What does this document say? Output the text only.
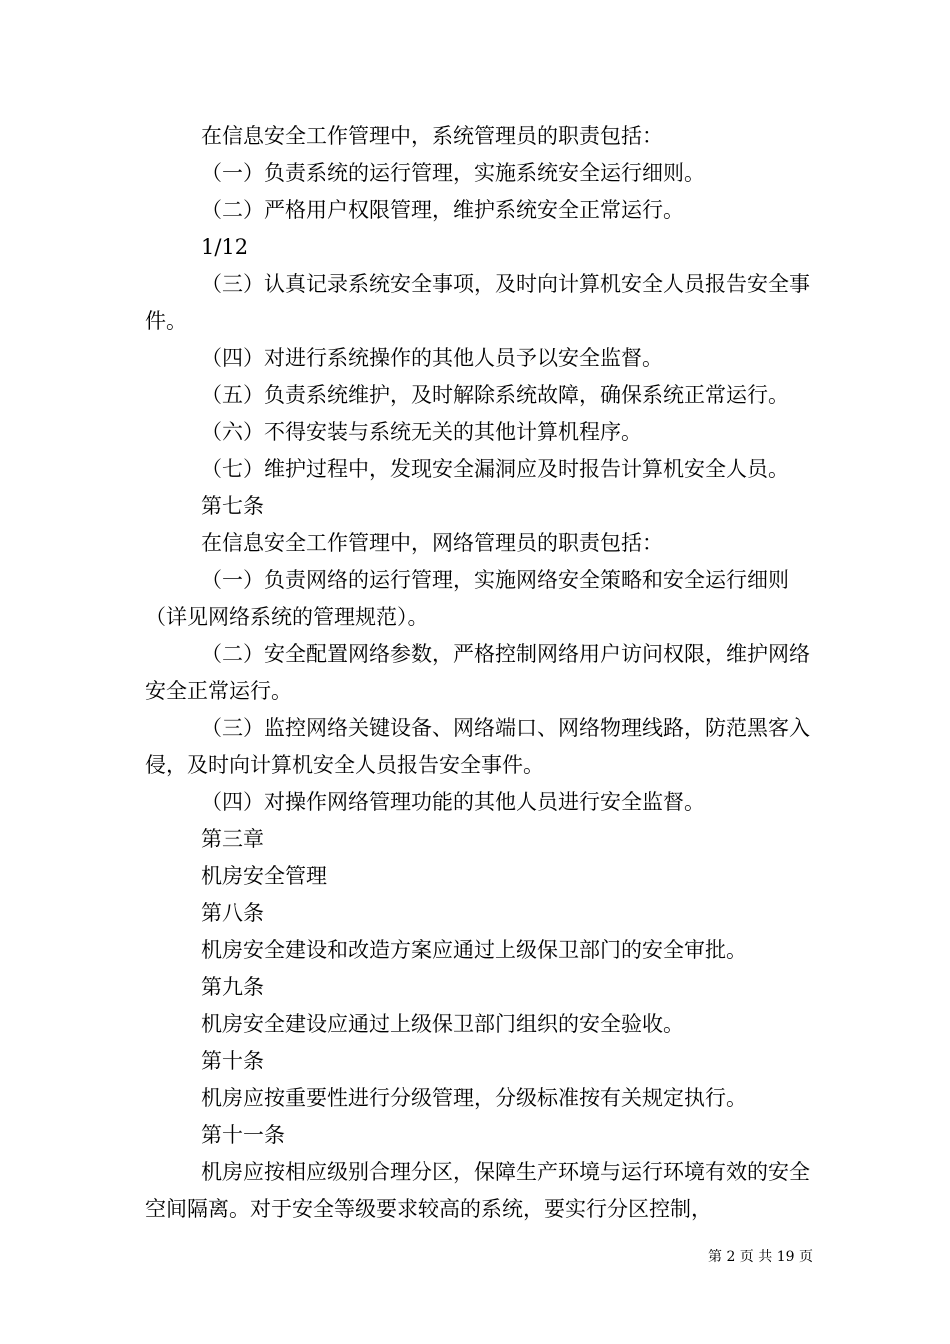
在信息安全工作管理中，系统管理员的职责包括：

（一）负责系统的运行管理，实施系统安全运行细则。

（二）严格用户权限管理，维护系统安全正常运行。

1/12

（三）认真记录系统安全事项，及时向计算机安全人员报告安全事件。

（四）对进行系统操作的其他人员予以安全监督。

（五）负责系统维护，及时解除系统故障，确保系统正常运行。

（六）不得安装与系统无关的其他计算机程序。

（七）维护过程中，发现安全漏洞应及时报告计算机安全人员。

第七条

在信息安全工作管理中，网络管理员的职责包括：

（一）负责网络的运行管理，实施网络安全策略和安全运行细则（详见网络系统的管理规范）。

（二）安全配置网络参数，严格控制网络用户访问权限，维护网络安全正常运行。

（三）监控网络关键设备、网络端口、网络物理线路，防范黑客入侵，及时向计算机安全人员报告安全事件。

（四）对操作网络管理功能的其他人员进行安全监督。

第三章

机房安全管理

第八条

机房安全建设和改造方案应通过上级保卫部门的安全审批。

第九条

机房安全建设应通过上级保卫部门组织的安全验收。

第十条

机房应按重要性进行分级管理，分级标准按有关规定执行。

第十一条

机房应按相应级别合理分区，保障生产环境与运行环境有效的安全空间隔离。对于安全等级要求较高的系统，要实行分区控制，

第 2 页 共 19 页
